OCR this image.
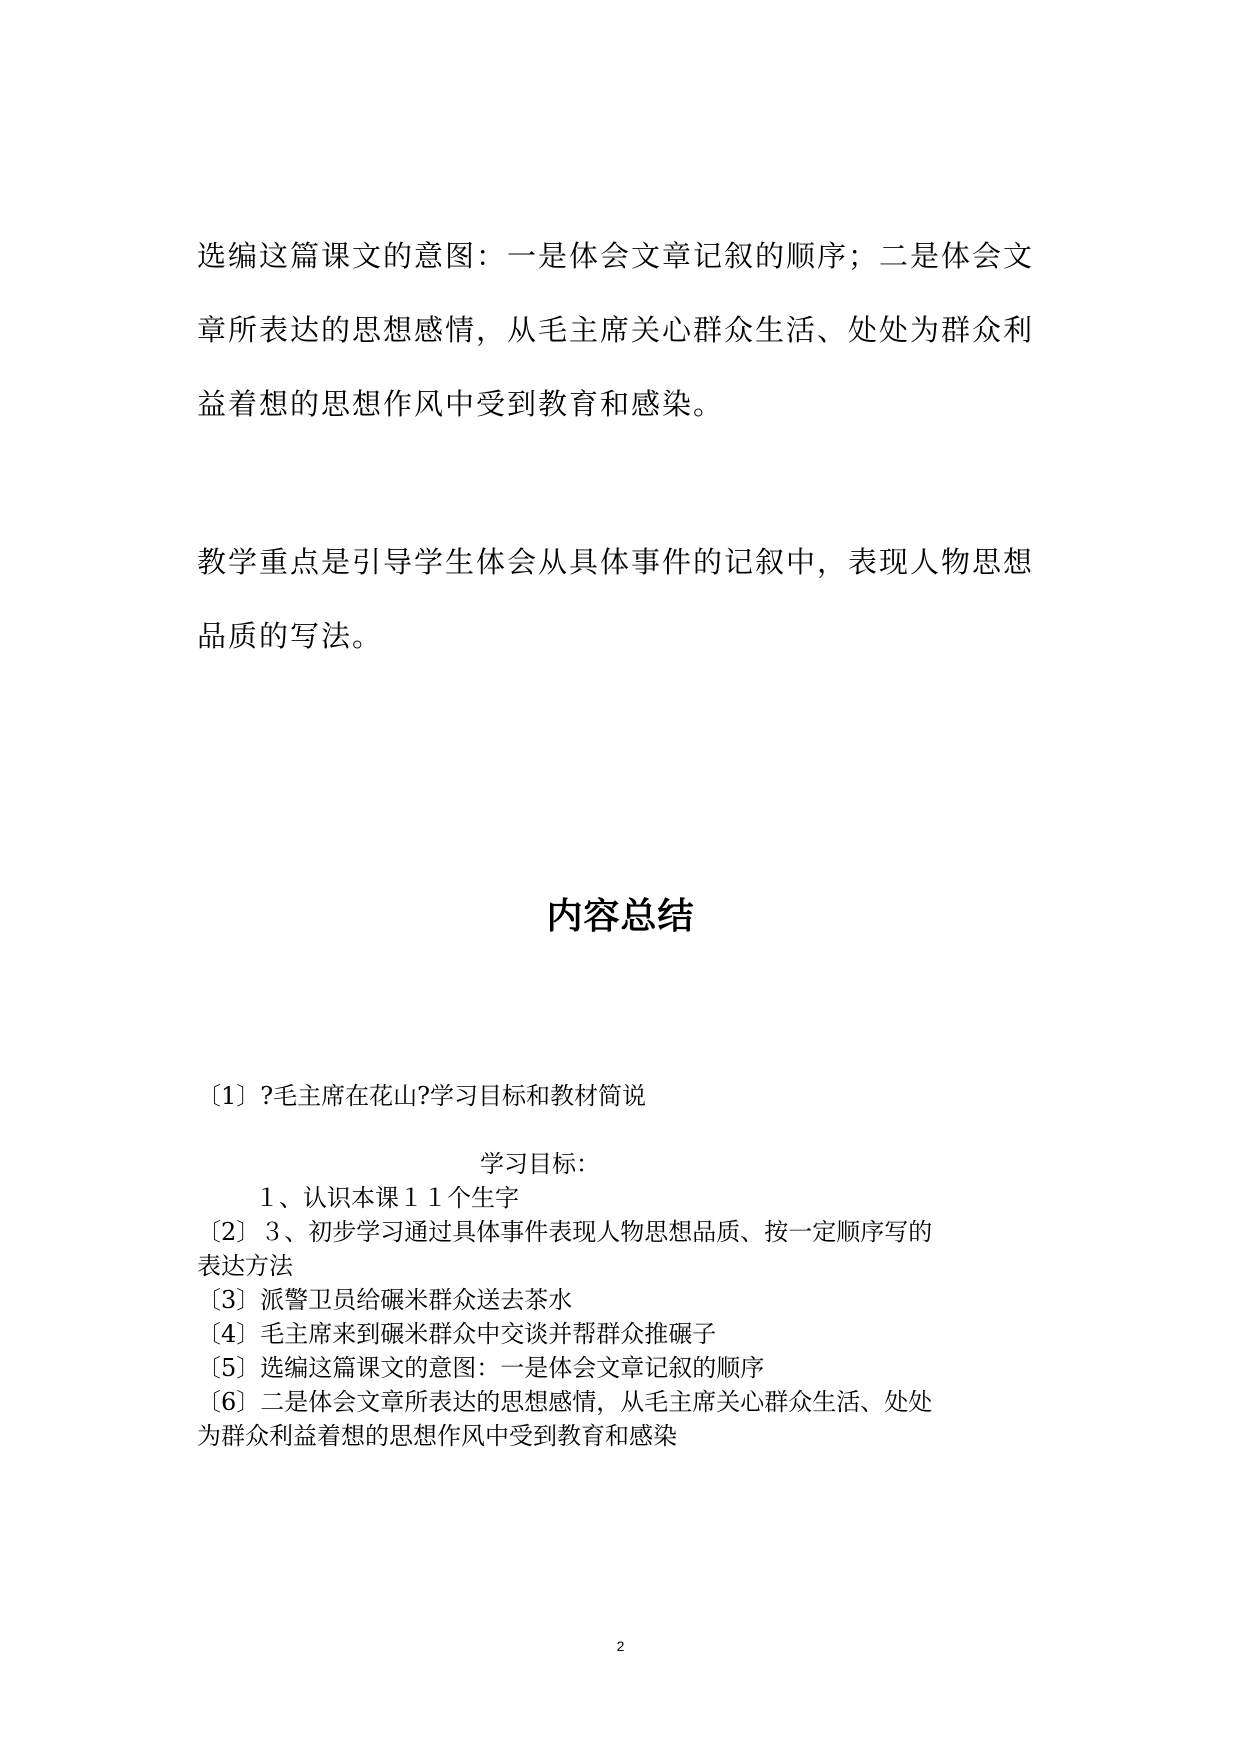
选编这篇课文的意图：一是体会文章记叙的顺序；二是体会文章所表达的思想感情，从毛主席关心群众生活、处处为群众利益着想的思想作风中受到教育和感染。

教学重点是引导学生体会从具体事件的记叙中，表现人物思想品质的写法。

内容总结
〔1〕?毛主席在花山?学习目标和教材简说
学习目标：
１、认识本课１１个生字
〔2〕３、初步学习通过具体事件表现人物思想品质、按一定顺序写的
表达方法
〔3〕派警卫员给碾米群众送去茶水
〔4〕毛主席来到碾米群众中交谈并帮群众推碾子
〔5〕选编这篇课文的意图：一是体会文章记叙的顺序
〔6〕二是体会文章所表达的思想感情，从毛主席关心群众生活、处处
为群众利益着想的思想作风中受到教育和感染
2
